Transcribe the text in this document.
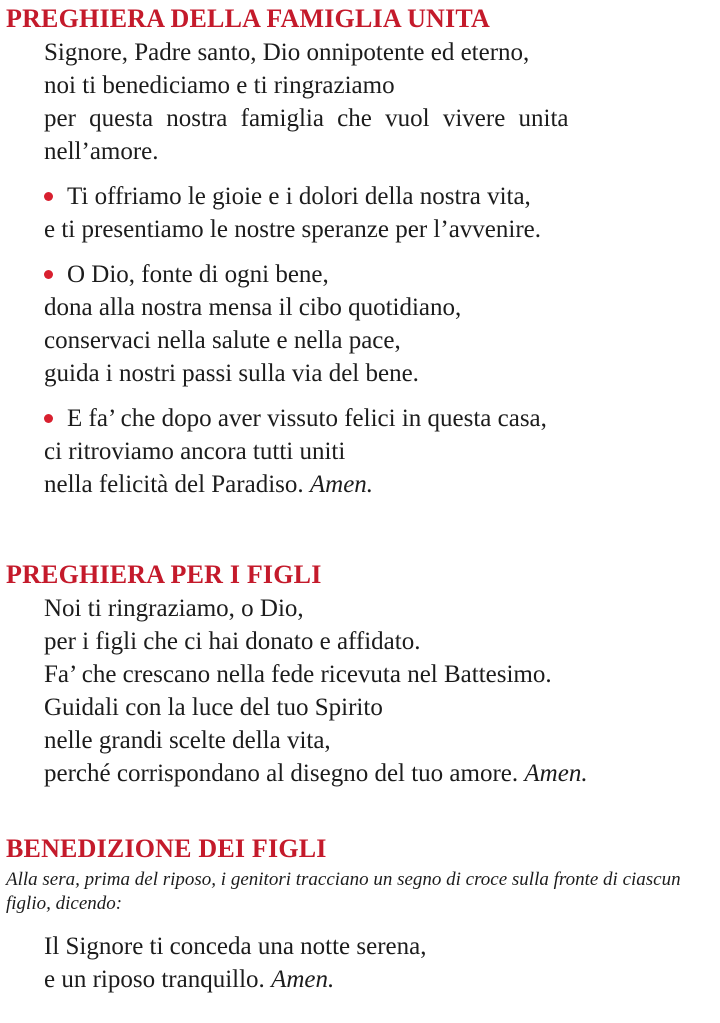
PREGHIERA DELLA FAMIGLIA UNITA
Signore, Padre santo, Dio onnipotente ed eterno,
noi ti benediciamo e ti ringraziamo
per questa nostra famiglia che vuol vivere unita
nell’amore.
Ti offriamo le gioie e i dolori della nostra vita,
e ti presentiamo le nostre speranze per l’avvenire.
O Dio, fonte di ogni bene,
dona alla nostra mensa il cibo quotidiano,
conservaci nella salute e nella pace,
guida i nostri passi sulla via del bene.
E fa’ che dopo aver vissuto felici in questa casa,
ci ritroviamo ancora tutti uniti
nella felicità del Paradiso. Amen.
PREGHIERA PER I FIGLI
Noi ti ringraziamo, o Dio,
per i figli che ci hai donato e affidato.
Fa’ che crescano nella fede ricevuta nel Battesimo.
Guidali con la luce del tuo Spirito
nelle grandi scelte della vita,
perché corrispondano al disegno del tuo amore. Amen.
BENEDIZIONE DEI FIGLI
Alla sera, prima del riposo, i genitori tracciano un segno di croce sulla fronte di ciascun figlio, dicendo:
Il Signore ti conceda una notte serena,
e un riposo tranquillo. Amen.
